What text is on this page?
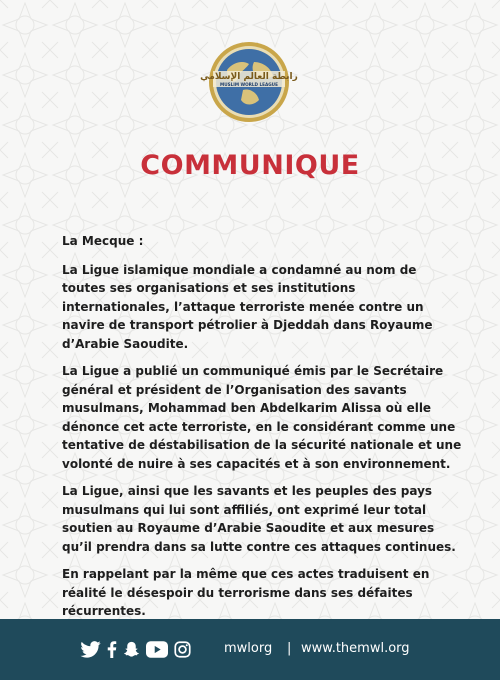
رابطة العالم الإسلامي
MUSLIM WORLD LEAGUE
COMMUNIQUE

La Mecque :

La Ligue islamique mondiale a condamné au nom de toutes ses organisations et ses institutions internationales, l’attaque terroriste menée contre un navire de transport pétrolier à Djeddah dans Royaume d’Arabie Saoudite.

La Ligue a publié un communiqué émis par le Secrétaire général et président de l’Organisation des savants musulmans, Mohammad ben Abdelkarim Alissa où elle dénonce cet acte terroriste, en le considérant comme une tentative de déstabilisation de la sécurité nationale et une volonté de nuire à ses capacités et à son environnement.

La Ligue, ainsi que les savants et les peuples des pays musulmans qui lui sont affiliés, ont exprimé leur total soutien au Royaume d’Arabie Saoudite et aux mesures qu’il prendra dans sa lutte contre ces attaques continues.

En rappelant par la même que ces actes traduisent en réalité le désespoir du terrorisme dans ses défaites récurrentes.

mwlorg | www.themwl.org
